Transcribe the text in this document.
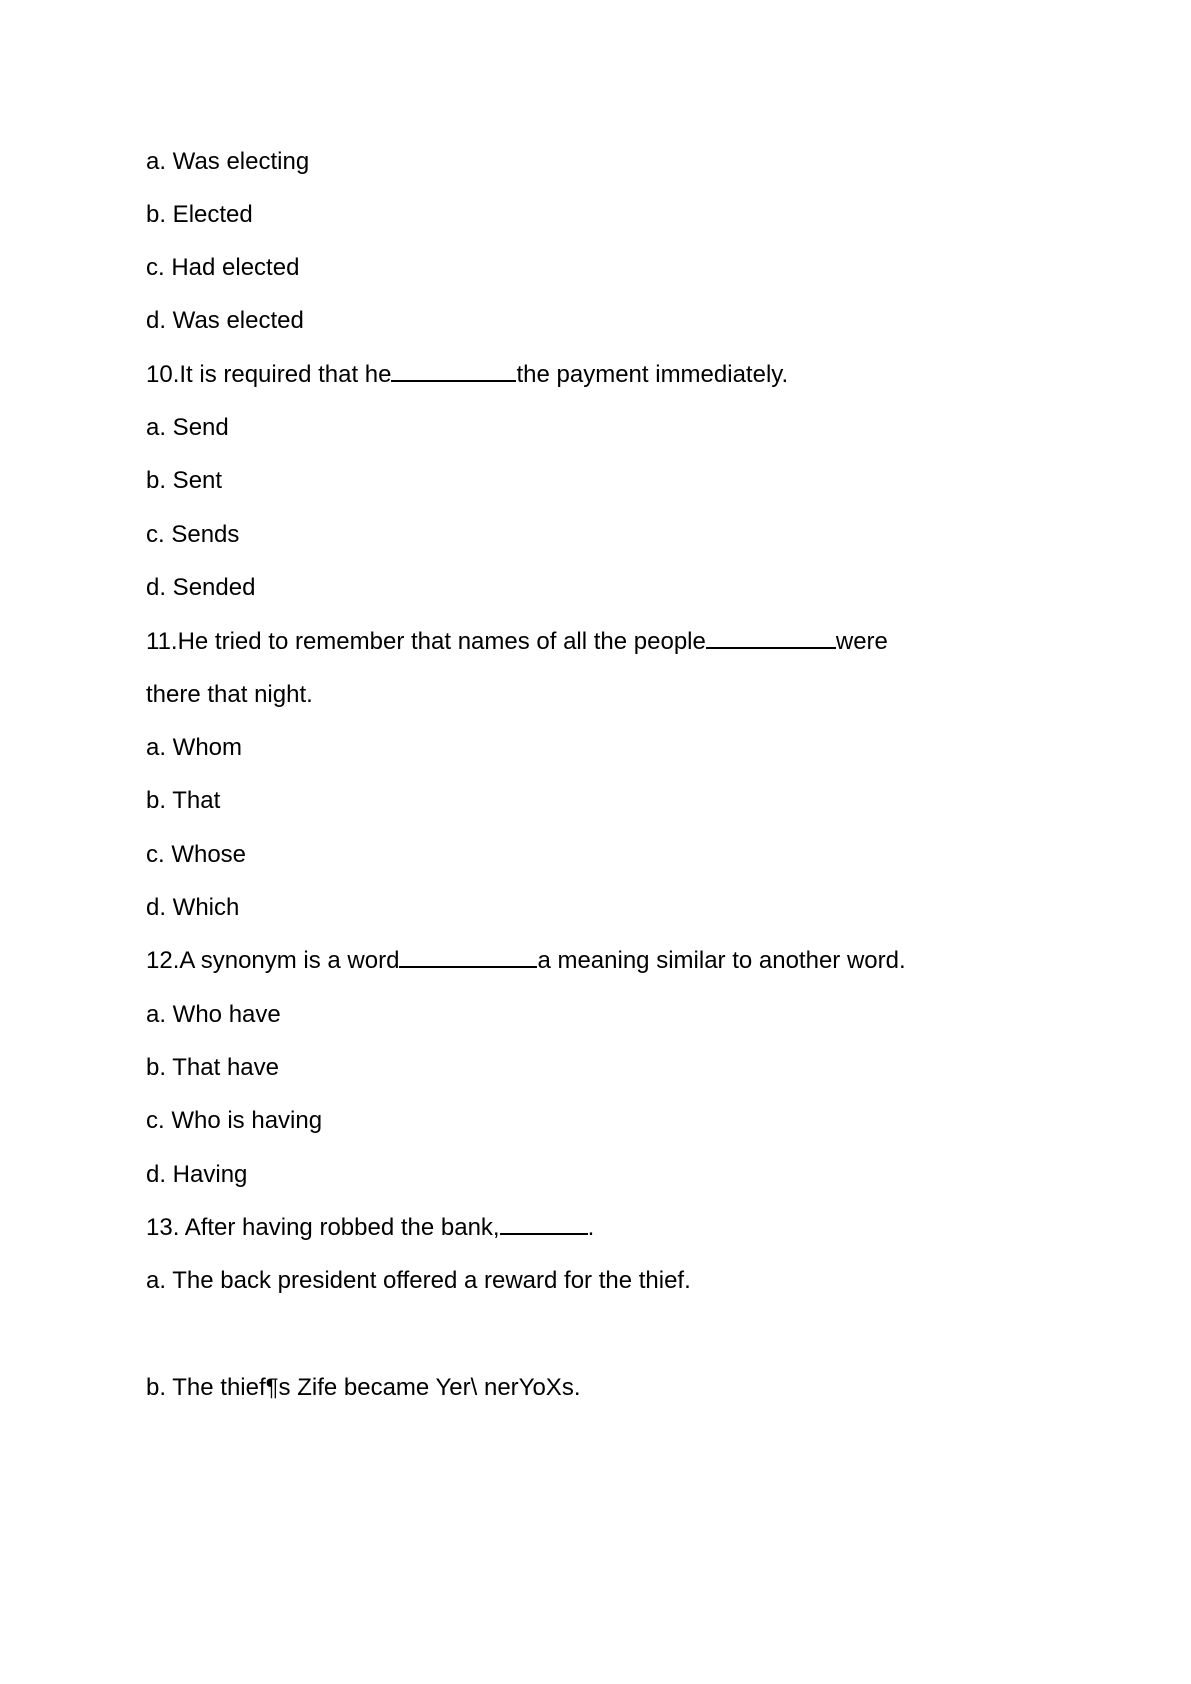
a. Was electing
b. Elected
c. Had elected
d. Was elected
10.It is required that he	the payment immediately.
a. Send
b. Sent
c. Sends
d. Sended
11.He tried to remember that names of all the people	were
there that night.
a. Whom
b. That
c. Whose
d. Which
12.A synonym is a word	a meaning similar to another word.
a. Who have
b. That have
c. Who is having
d. Having
13. After having robbed the bank,	.
a. The back president offered a reward for the thief.
b. The thief¶s Zife became Yer\ nerYoXs.
